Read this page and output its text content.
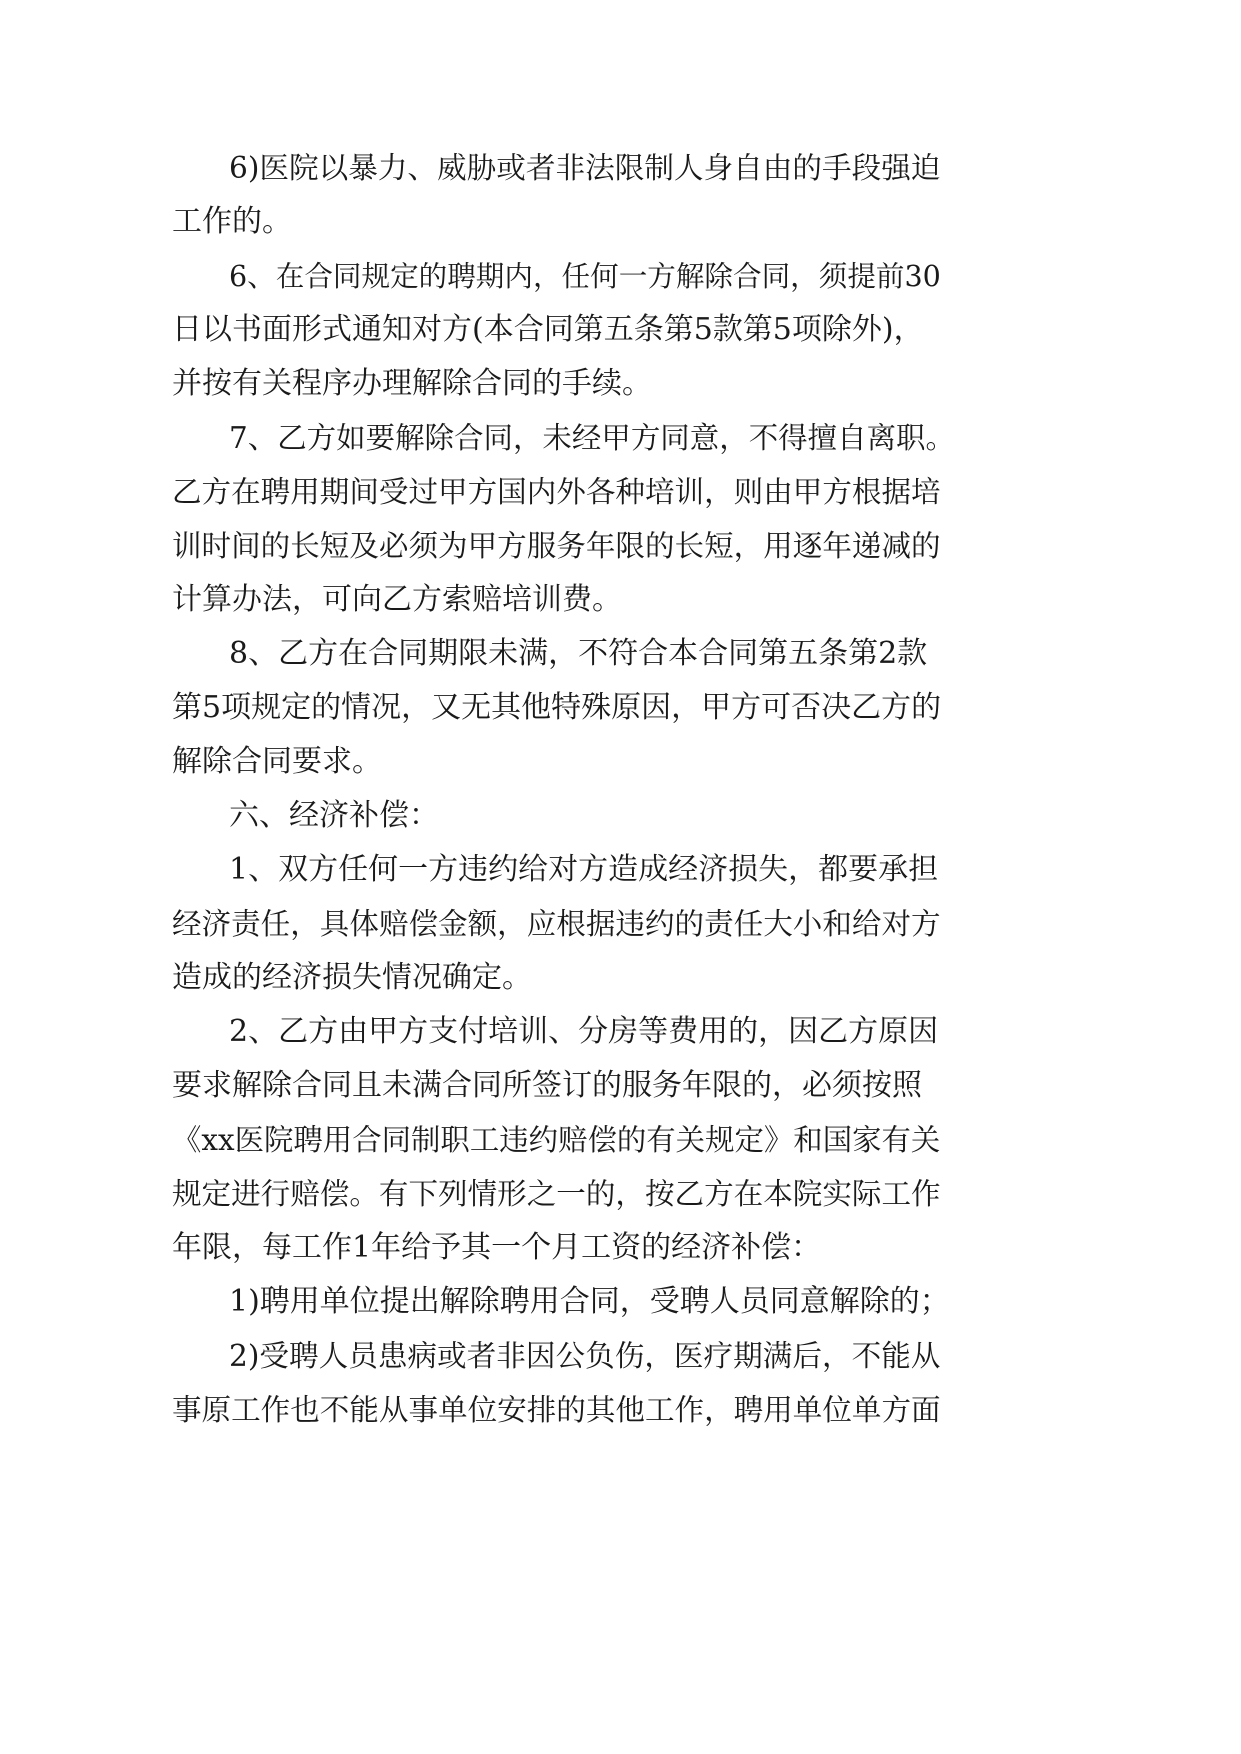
6)医院以暴力、威胁或者非法限制人身自由的手段强迫
工作的。
6、在合同规定的聘期内，任何一方解除合同，须提前30
日以书面形式通知对方(本合同第五条第5款第5项除外)，
并按有关程序办理解除合同的手续。
7、乙方如要解除合同，未经甲方同意，不得擅自离职。
乙方在聘用期间受过甲方国内外各种培训，则由甲方根据培
训时间的长短及必须为甲方服务年限的长短，用逐年递减的
计算办法，可向乙方索赔培训费。
8、乙方在合同期限未满，不符合本合同第五条第2款
第5项规定的情况，又无其他特殊原因，甲方可否决乙方的
解除合同要求。
六、经济补偿：
1、双方任何一方违约给对方造成经济损失，都要承担
经济责任，具体赔偿金额，应根据违约的责任大小和给对方
造成的经济损失情况确定。
2、乙方由甲方支付培训、分房等费用的，因乙方原因
要求解除合同且未满合同所签订的服务年限的，必须按照
《xx医院聘用合同制职工违约赔偿的有关规定》和国家有关
规定进行赔偿。有下列情形之一的，按乙方在本院实际工作
年限，每工作1年给予其一个月工资的经济补偿：
1)聘用单位提出解除聘用合同，受聘人员同意解除的；
2)受聘人员患病或者非因公负伤，医疗期满后，不能从
事原工作也不能从事单位安排的其他工作，聘用单位单方面
